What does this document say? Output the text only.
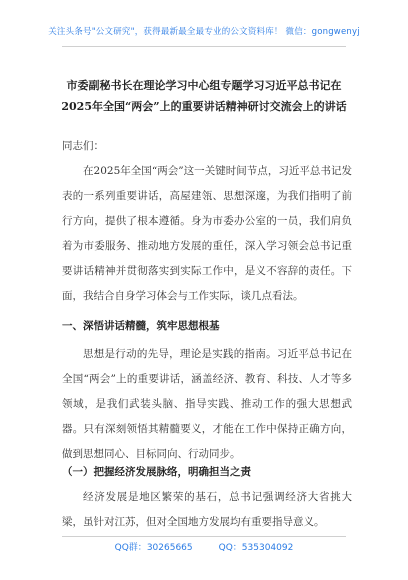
关注头条号"公文研究"，获得最新最全最专业的公文资料库！ 微信：gongwenyj
市委副秘书长在理论学习中心组专题学习习近平总书记在2025年全国“两会”上的重要讲话精神研讨交流会上的讲话
同志们：
在2025年全国“两会”这一关键时间节点，习近平总书记发表的一系列重要讲话，高屋建瓴、思想深邃，为我们指明了前行方向，提供了根本遵循。身为市委办公室的一员，我们肩负着为市委服务、推动地方发展的重任，深入学习领会总书记重要讲话精神并贯彻落实到实际工作中，是义不容辞的责任。下面，我结合自身学习体会与工作实际，谈几点看法。
一、深悟讲话精髓，筑牢思想根基
思想是行动的先导，理论是实践的指南。习近平总书记在全国“两会”上的重要讲话，涵盖经济、教育、科技、人才等多领域，是我们武装头脑、指导实践、推动工作的强大思想武器。只有深刻领悟其精髓要义，才能在工作中保持正确方向，做到思想同心、目标同向、行动同步。
（一）把握经济发展脉络，明确担当之责
经济发展是地区繁荣的基石，总书记强调经济大省挑大梁，虽针对江苏，但对全国地方发展均有重要指导意义。
QQ群：30265665	QQ：535304092
